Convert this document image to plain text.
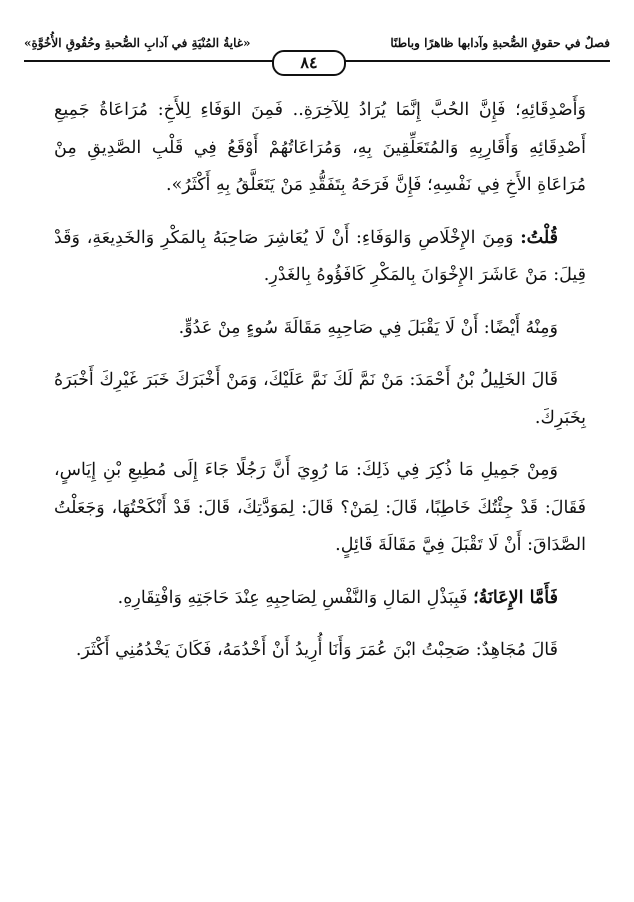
فصلٌ في حقوقِ الصُّحبةِ وآدابها ظاهرًا وباطنًا
«غايةُ المُنْيَةِ في آدابِ الصُّحبةِ وحُقُوقِ الأُخُوَّةِ»
٨٤

وَأَصْدِقَائِهِ؛ فَإِنَّ الحُبَّ إِنَّمَا يُرَادُ لِلآخِرَةِ.. فَمِنَ الوَفَاءِ لِلأَخِ: مُرَاعَاةُ جَمِيعِ أَصْدِقَائِهِ وَأَقَارِبِهِ وَالمُتَعَلِّقِينَ بِهِ، وَمُرَاعَاتُهُمْ أَوْقَعُ فِي قَلْبِ الصَّدِيقِ مِنْ مُرَاعَاةِ الأَخِ فِي نَفْسِهِ؛ فَإِنَّ فَرَحَهُ بِتَفَقُّدِ مَنْ يَتَعَلَّقُ بِهِ أَكْثَرُ».

قُلْتُ: وَمِنَ الإِخْلَاصِ وَالوَفَاءِ: أَنْ لَا يُعَاشِرَ صَاحِبَهُ بِالمَكْرِ وَالخَدِيعَةِ، وَقَدْ قِيلَ: مَنْ عَاشَرَ الإِخْوَانَ بِالمَكْرِ كَافَؤُوهُ بِالغَدْرِ.

وَمِنْهُ أَيْضًا: أَنْ لَا يَقْبَلَ فِي صَاحِبِهِ مَقَالَةَ سُوءٍ مِنْ عَدُوٍّ.

قَالَ الخَلِيلُ بْنُ أَحْمَدَ: مَنْ نَمَّ لَكَ نَمَّ عَلَيْكَ، وَمَنْ أَخْبَرَكَ خَبَرَ غَيْرِكَ أَخْبَرَهُ بِخَبَرِكَ.

وَمِنْ جَمِيلِ مَا ذُكِرَ فِي ذَلِكَ: مَا رُوِيَ أَنَّ رَجُلًا جَاءَ إِلَى مُطِيعِ بْنِ إِيَاسٍ، فَقَالَ: قَدْ جِئْتُكَ خَاطِبًا، قَالَ: لِمَنْ؟ قَالَ: لِمَوَدَّتِكَ، قَالَ: قَدْ أَنْكَحْتُهَا، وَجَعَلْتُ الصَّدَاقَ: أَنْ لَا تَقْبَلَ فِيَّ مَقَالَةَ قَائِلٍ.

فَأَمَّا الإِعَانَةُ؛ فَبِبَذْلِ المَالِ وَالنَّفْسِ لِصَاحِبِهِ عِنْدَ حَاجَتِهِ وَافْتِقَارِهِ.

قَالَ مُجَاهِدٌ: صَحِبْتُ ابْنَ عُمَرَ وَأَنَا أُرِيدُ أَنْ أَخْدُمَهُ، فَكَانَ يَخْدُمُنِي أَكْثَرَ.
